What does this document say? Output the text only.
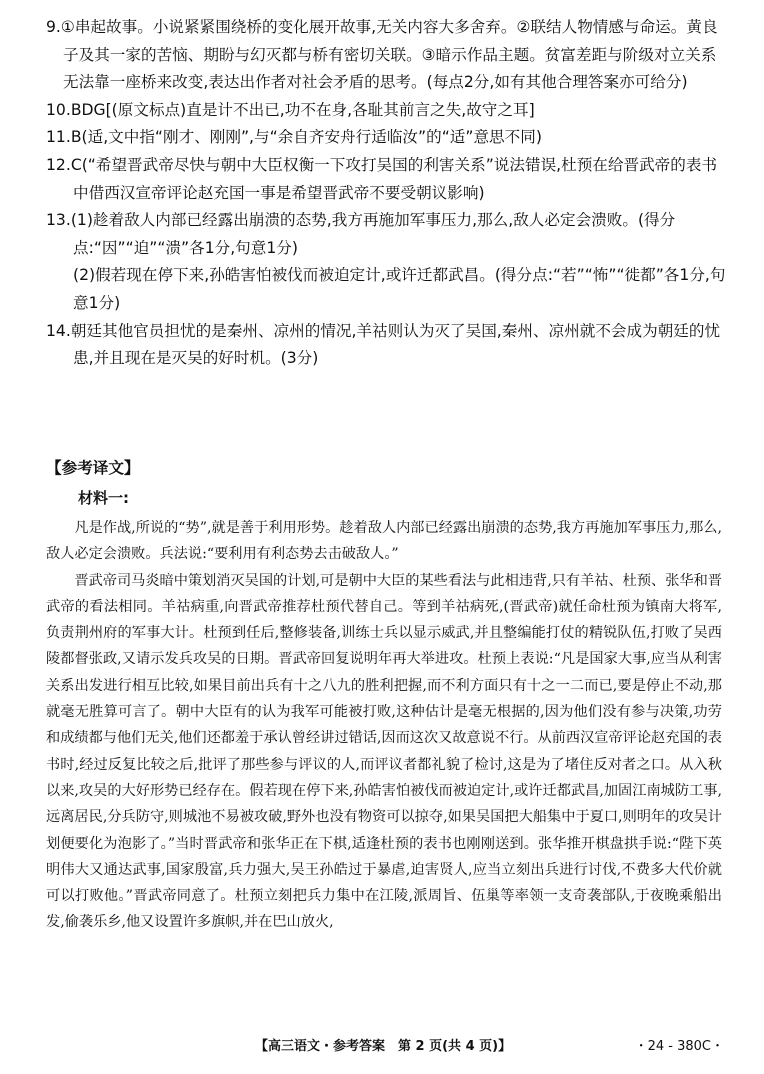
9.①串起故事。小说紧紧围绕桥的变化展开故事,无关内容大多舍弃。②联结人物情感与命运。黄良子及其一家的苦恼、期盼与幻灭都与桥有密切关联。③暗示作品主题。贫富差距与阶级对立关系无法靠一座桥来改变,表达出作者对社会矛盾的思考。(每点2分,如有其他合理答案亦可给分)
10.BDG[(原文标点)直是计不出已,功不在身,各耻其前言之失,故守之耳]
11.B(适,文中指“刚才、刚刚”,与“余自齐安舟行适临汝”的“适”意思不同)
12.C(“希望晋武帝尽快与朝中大臣权衡一下攻打吴国的利害关系”说法错误,杜预在给晋武帝的表书中借西汉宣帝评论赵充国一事是希望晋武帝不要受朝议影响)
13.(1)趁着敌人内部已经露出崩溃的态势,我方再施加军事压力,那么,敌人必定会溃败。(得分点:“因”“迫”“溃”各1分,句意1分)
(2)假若现在停下来,孙皓害怕被伐而被迫定计,或许迁都武昌。(得分点:“若”“怖”“徙都”各1分,句意1分)
14.朝廷其他官员担忧的是秦州、凉州的情况,羊祜则认为灭了吴国,秦州、凉州就不会成为朝廷的忧患,并且现在是灭吴的好时机。(3分)
【参考译文】
材料一:

凡是作战,所说的“势”,就是善于利用形势。趁着敌人内部已经露出崩溃的态势,我方再施加军事压力,那么,敌人必定会溃败。兵法说:“要利用有利态势去击破敌人。”

晋武帝司马炎暗中策划消灭吴国的计划,可是朝中大臣的某些看法与此相违背,只有羊祜、杜预、张华和晋武帝的看法相同。羊祜病重,向晋武帝推荐杜预代替自己。等到羊祜病死,(晋武帝)就任命杜预为镇南大将军,负责荆州府的军事大计。杜预到任后,整修装备,训练士兵以显示威武,并且整编能打仗的精锐队伍,打败了吴西陵都督张政,又请示发兵攻吴的日期。晋武帝回复说明年再大举进攻。杜预上表说:“凡是国家大事,应当从利害关系出发进行相互比较,如果目前出兵有十之八九的胜利把握,而不利方面只有十之一二而已,要是停止不动,那就毫无胜算可言了。朝中大臣有的认为我军可能被打败,这种估计是毫无根据的,因为他们没有参与决策,功劳和成绩都与他们无关,他们还都羞于承认曾经讲过错话,因而这次又故意说不行。从前西汉宣帝评论赵充国的表书时,经过反复比较之后,批评了那些参与评议的人,而评议者都礼貌了检讨,这是为了堵住反对者之口。从入秋以来,攻吴的大好形势已经存在。假若现在停下来,孙皓害怕被伐而被迫定计,或许迁都武昌,加固江南城防工事,远离居民,分兵防守,则城池不易被攻破,野外也没有物资可以掠夺,如果吴国把大船集中于夏口,则明年的攻吴计划便要化为泡影了。”当时晋武帝和张华正在下棋,适逢杜预的表书也刚刚送到。张华推开棋盘拱手说:“陛下英明伟大又通达武事,国家殷富,兵力强大,吴王孙皓过于暴虐,迫害贤人,应当立刻出兵进行讨伐,不费多大代价就可以打败他。”晋武帝同意了。杜预立刻把兵力集中在江陵,派周旨、伍巢等率领一支奇袭部队,于夜晚乘船出发,偷袭乐乡,他又设置许多旗帜,并在巴山放火,

【高三语文・参考答案　第 2 页(共 4 页)】	・24 - 380C・
